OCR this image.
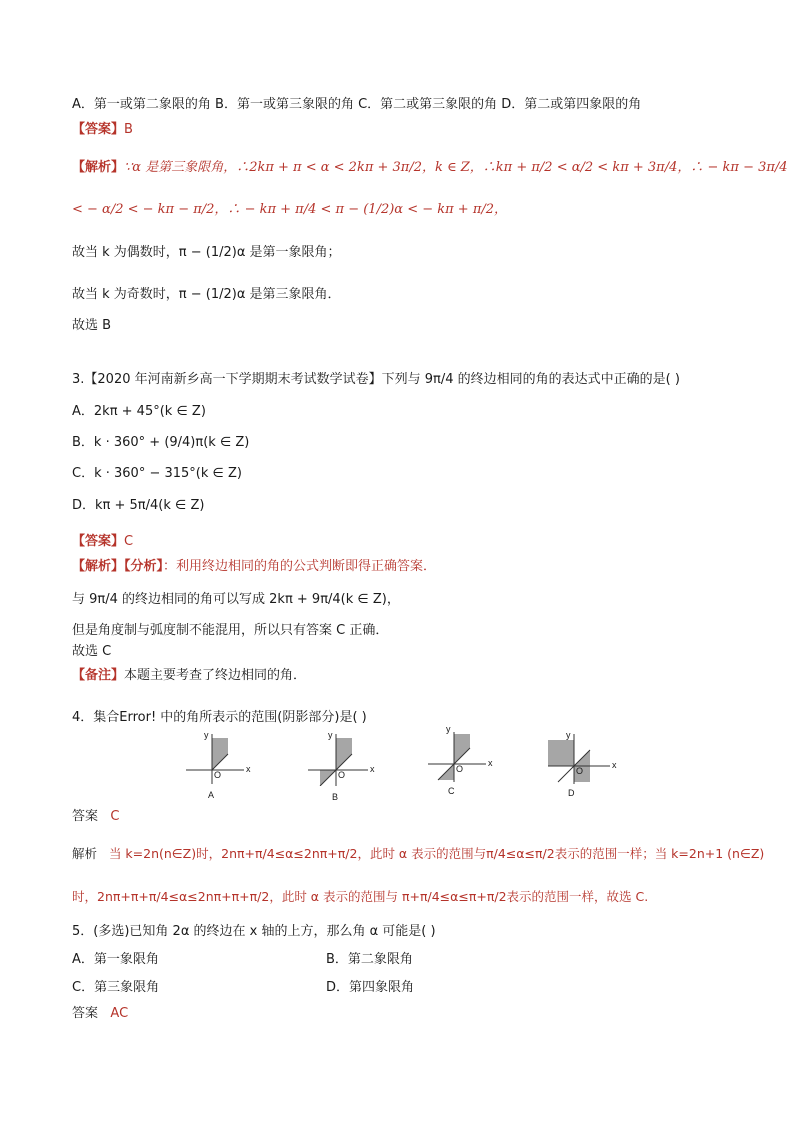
A．第一或第二象限的角 B．第一或第三象限的角 C．第二或第三象限的角 D．第二或第四象限的角
【答案】B
【解析】∵α 是第三象限角，∴2kπ + π < α < 2kπ + 3π/2，k ∈ Z，∴kπ + π/2 < α/2 < kπ + 3π/4，∴ − kπ − 3π/4
< − α/2 < − kπ − π/2，∴ − kπ + π/4 < π − (1/2)α < − kπ + π/2，
故当 k 为偶数时，π − (1/2)α 是第一象限角；
故当 k 为奇数时，π − (1/2)α 是第三象限角．
故选 B
3.【2020 年河南新乡高一下学期期末考试数学试卷】下列与 9π/4 的终边相同的角的表达式中正确的是( )
A．2kπ + 45°(k ∈ Z)
B．k · 360° + (9/4)π(k ∈ Z)
C．k · 360° − 315°(k ∈ Z)
D．kπ + 5π/4(k ∈ Z)
【答案】C
【解析】【分析】：利用终边相同的角的公式判断即得正确答案．
与 9π/4 的终边相同的角可以写成 2kπ + 9π/4(k ∈ Z)，
但是角度制与弧度制不能混用，所以只有答案 C 正确．
故选 C
【备注】本题主要考查了终边相同的角．
4．集合Error! 中的角所表示的范围(阴影部分)是( )
y
x
O
A
y
x
O
B
y
x
O
C
y
x
O
D
答案 C
解析 当 k=2n(n∈Z)时，2nπ+π/4≤α≤2nπ+π/2，此时 α 表示的范围与π/4≤α≤π/2表示的范围一样；当 k=2n+1 (n∈Z)
时，2nπ+π+π/4≤α≤2nπ+π+π/2，此时 α 表示的范围与 π+π/4≤α≤π+π/2表示的范围一样，故选 C.
5．(多选)已知角 2α 的终边在 x 轴的上方，那么角 α 可能是( )
A．第一象限角	B．第二象限角
C．第三象限角	D．第四象限角
答案 AC
